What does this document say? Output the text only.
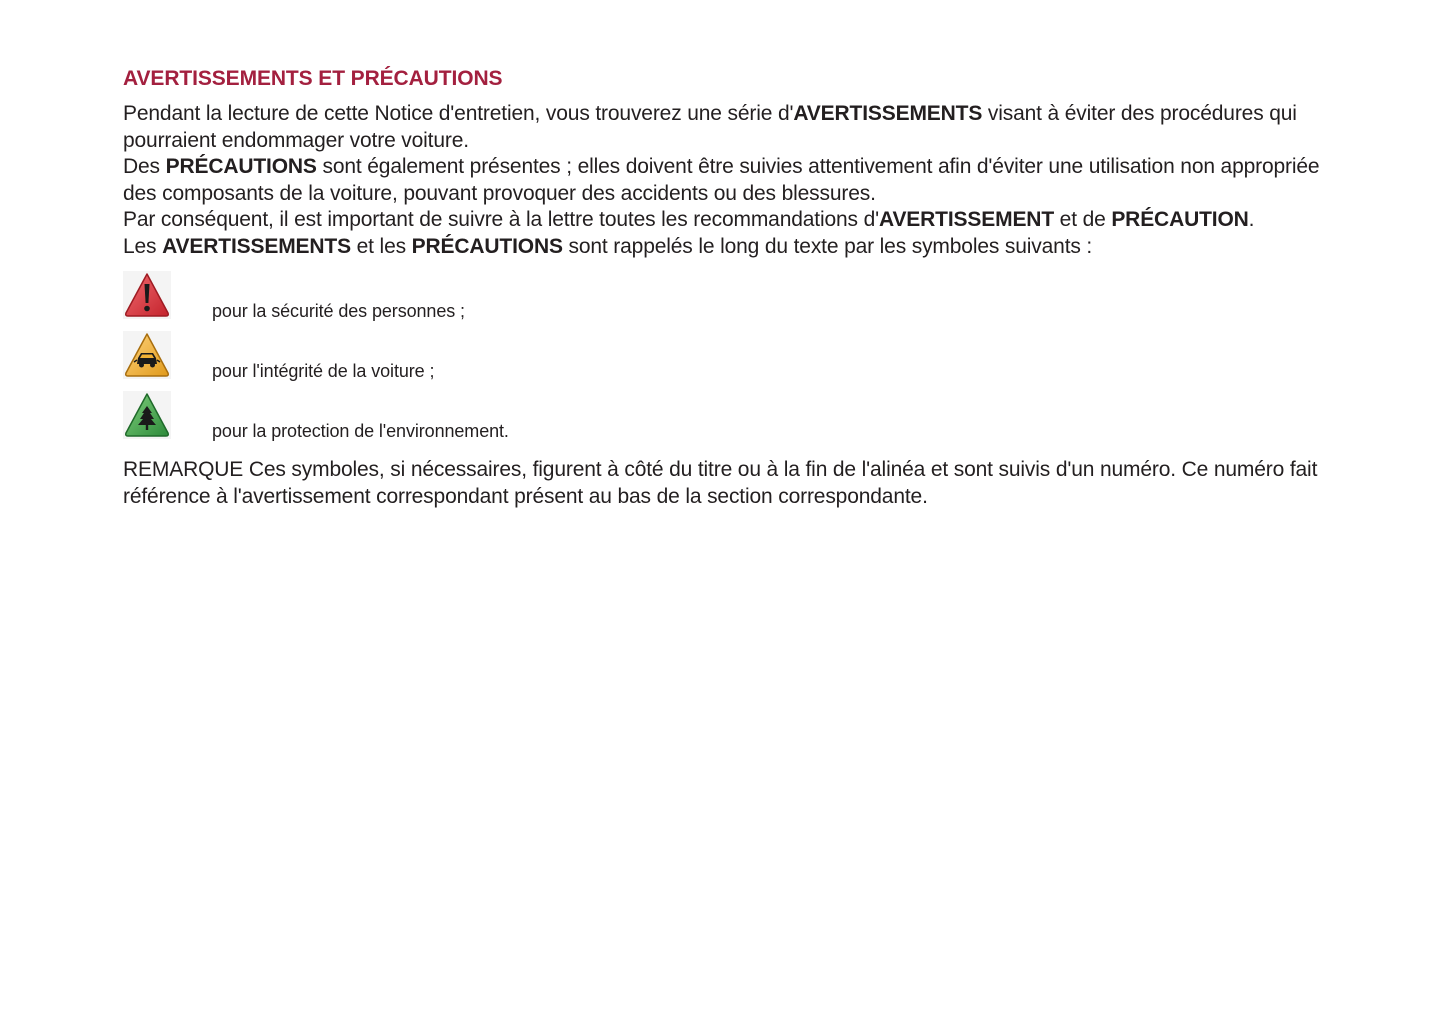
AVERTISSEMENTS ET PRÉCAUTIONS

Pendant la lecture de cette Notice d'entretien, vous trouverez une série d'AVERTISSEMENTS visant à éviter des procédures qui pourraient endommager votre voiture.

Des PRÉCAUTIONS sont également présentes ; elles doivent être suivies attentivement afin d'éviter une utilisation non appropriée des composants de la voiture, pouvant provoquer des accidents ou des blessures.

Par conséquent, il est important de suivre à la lettre toutes les recommandations d'AVERTISSEMENT et de PRÉCAUTION.

Les AVERTISSEMENTS et les PRÉCAUTIONS sont rappelés le long du texte par les symboles suivants :

pour la sécurité des personnes ;
pour l'intégrité de la voiture ;
pour la protection de l'environnement.

REMARQUE Ces symboles, si nécessaires, figurent à côté du titre ou à la fin de l'alinéa et sont suivis d'un numéro. Ce numéro fait référence à l'avertissement correspondant présent au bas de la section correspondante.
